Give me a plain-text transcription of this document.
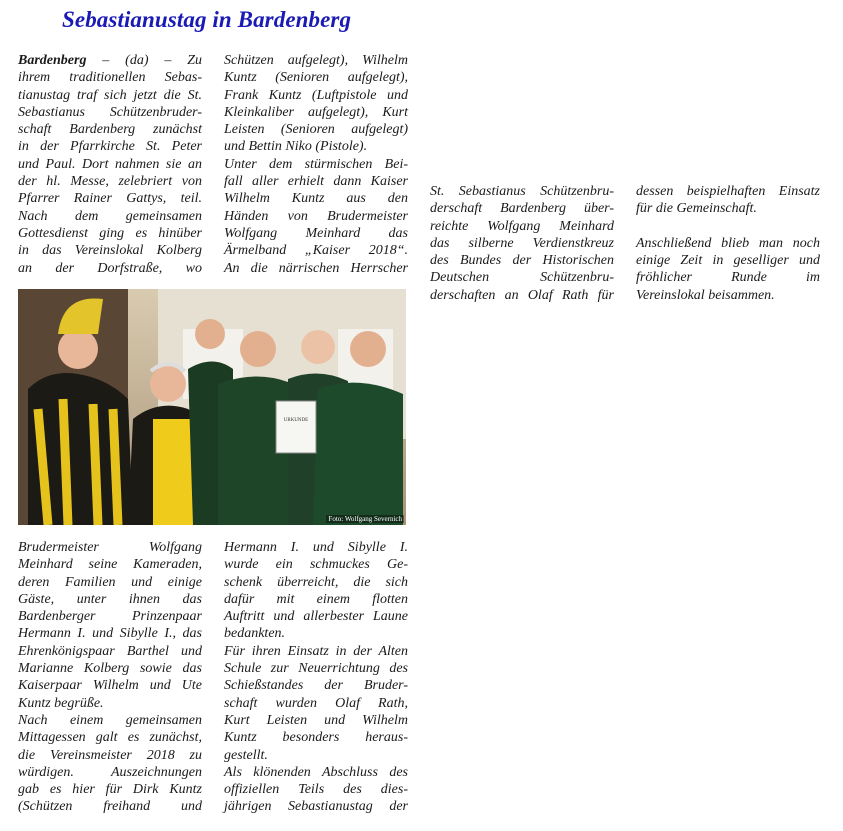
Sebastianustag in Bardenberg
Bardenberg – (da) – Zu
ihrem traditionellen Sebas-
tianustag traf sich jetzt die St.
Sebastianus Schützenbruder-
schaft Bardenberg zunächst
in der Pfarrkirche St. Peter
und Paul. Dort nahmen sie an
der hl. Messe, zelebriert von
Pfarrer Rainer Gattys, teil.
Nach dem gemeinsamen
Gottesdienst ging es hinüber
in das Vereinslokal Kolberg
an der Dorfstraße, wo
Schützen aufgelegt), Wilhelm
Kuntz (Senioren aufgelegt),
Frank Kuntz (Luftpistole und
Kleinkaliber aufgelegt), Kurt
Leisten (Senioren aufgelegt)
und Bettin Niko (Pistole).
Unter dem stürmischen Bei-
fall aller erhielt dann Kaiser
Wilhelm Kuntz aus den
Händen von Brudermeister
Wolfgang Meinhard das
Ärmelband „Kaiser 2018“.
An die närrischen Herrscher
St. Sebastianus Schützenbru-
derschaft Bardenberg über-
reichte Wolfgang Meinhard
das silberne Verdienstkreuz
des Bundes der Historischen
Deutschen Schützenbru-
derschaften an Olaf Rath für
dessen beispielhaften Einsatz
für die Gemeinschaft.
Anschließend blieb man noch
einige Zeit in geselliger und
fröhlicher Runde im
Vereinslokal beisammen.
Brudermeister Wolfgang
Meinhard seine Kameraden,
deren Familien und einige
Gäste, unter ihnen das
Bardenberger Prinzenpaar
Hermann I. und Sibylle I., das
Ehrenkönigspaar Barthel und
Marianne Kolberg sowie das
Kaiserpaar Wilhelm und Ute
Kuntz begrüße.
Nach einem gemeinsamen
Mittagessen galt es zunächst,
die Vereinsmeister 2018 zu
würdigen. Auszeichnungen
gab es hier für Dirk Kuntz
(Schützen freihand und
Hermann I. und Sibylle I.
wurde ein schmuckes Ge-
schenk überreicht, die sich
dafür mit einem flotten
Auftritt und allerbester Laune
bedankten.
Für ihren Einsatz in der Alten
Schule zur Neuerrichtung des
Schießstandes der Bruder-
schaft wurden Olaf Rath,
Kurt Leisten und Wilhelm
Kuntz besonders heraus-
gestellt.
Als klönenden Abschluss des
offiziellen Teils des dies-
jährigen Sebastianustag der
URKUNDE
Foto: Wolfgang Severnich
